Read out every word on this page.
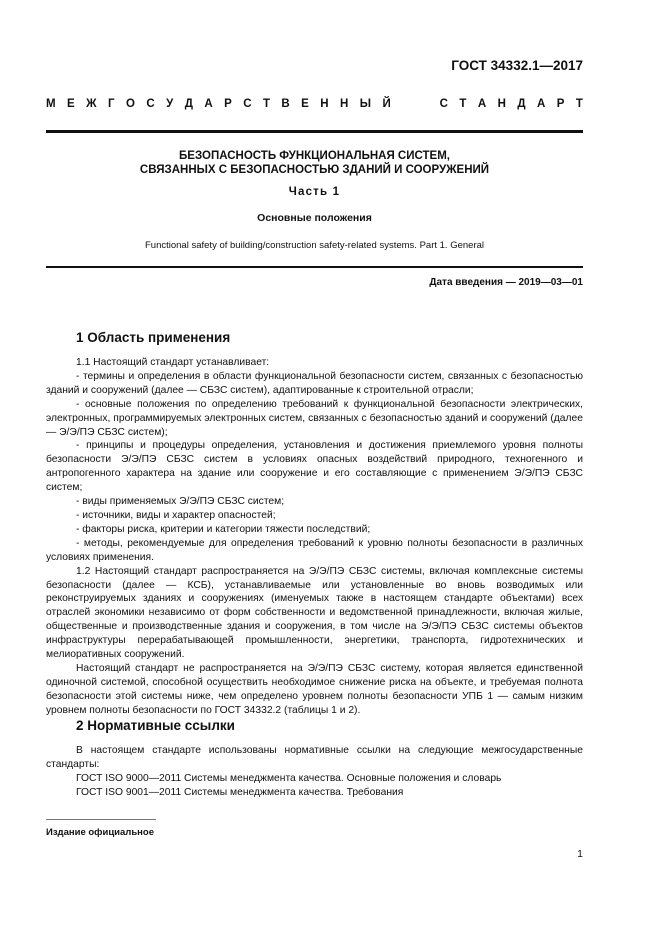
ГОСТ 34332.1—2017
М Е Ж Г О С У Д А Р С Т В Е Н Н Ы Й	С Т А Н Д А Р Т
БЕЗОПАСНОСТЬ ФУНКЦИОНАЛЬНАЯ СИСТЕМ,
СВЯЗАННЫХ С БЕЗОПАСНОСТЬЮ ЗДАНИЙ И СООРУЖЕНИЙ
Часть 1
Основные положения
Functional safety of building/construction safety-related systems. Part 1. General
Дата введения — 2019—03—01
1 Область применения

1.1 Настоящий стандарт устанавливает:

- термины и определения в области функциональной безопасности систем, связанных с безопасностью зданий и сооружений (далее — СБЗС систем), адаптированные к строительной отрасли;

- основные положения по определению требований к функциональной безопасности электрических, электронных, программируемых электронных систем, связанных с безопасностью зданий и сооружений (далее — Э/Э/ПЭ СБЗС систем);

- принципы и процедуры определения, установления и достижения приемлемого уровня полноты безопасности Э/Э/ПЭ СБЗС систем в условиях опасных воздействий природного, техногенного и антропогенного характера на здание или сооружение и его составляющие с применением Э/Э/ПЭ СБЗС систем;

- виды применяемых Э/Э/ПЭ СБЗС систем;

- источники, виды и характер опасностей;

- факторы риска, критерии и категории тяжести последствий;

- методы, рекомендуемые для определения требований к уровню полноты безопасности в различных условиях применения.

1.2 Настоящий стандарт распространяется на Э/Э/ПЭ СБЗС системы, включая комплексные системы безопасности (далее — КСБ), устанавливаемые или установленные во вновь возводимых или реконструируемых зданиях и сооружениях (именуемых также в настоящем стандарте объектами) всех отраслей экономики независимо от форм собственности и ведомственной принадлежности, включая жилые, общественные и производственные здания и сооружения, в том числе на Э/Э/ПЭ СБЗС системы объектов инфраструктуры перерабатывающей промышленности, энергетики, транспорта, гидротехнических и мелиоративных сооружений.

Настоящий стандарт не распространяется на Э/Э/ПЭ СБЗС систему, которая является единственной одиночной системой, способной осуществить необходимое снижение риска на объекте, и требуемая полнота безопасности этой системы ниже, чем определено уровнем полноты безопасности УПБ 1 — самым низким уровнем полноты безопасности по ГОСТ 34332.2 (таблицы 1 и 2).

2 Нормативные ссылки

В настоящем стандарте использованы нормативные ссылки на следующие межгосударственные стандарты:

ГОСТ ISO 9000—2011 Системы менеджмента качества. Основные положения и словарь

ГОСТ ISO 9001—2011 Системы менеджмента качества. Требования

Издание официальное
1
